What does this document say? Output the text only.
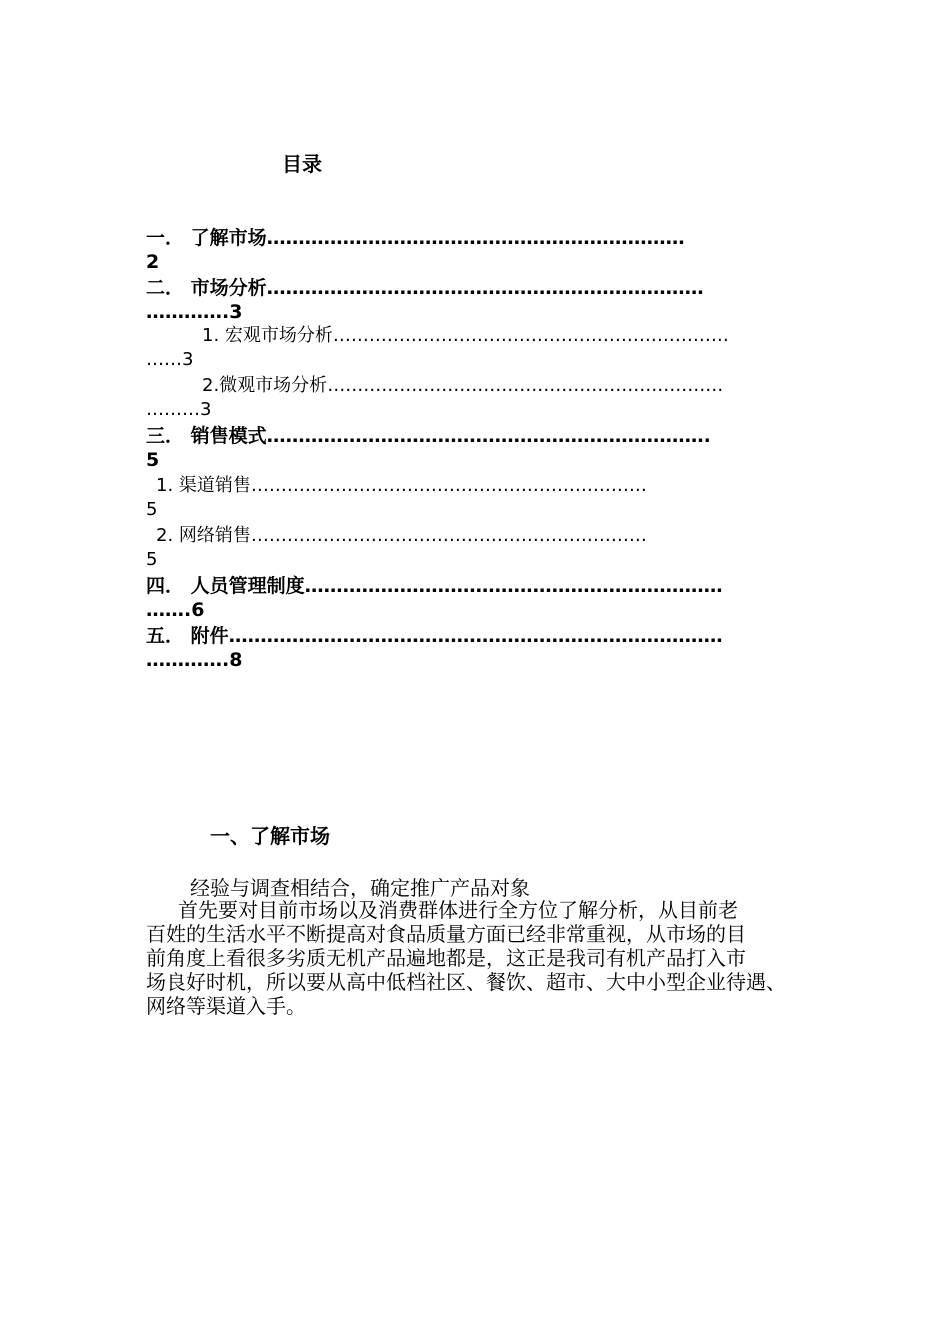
目录
一． 了解市场…………………………………………………………
2
二． 市场分析……………………………………………………………
………….3
1. 宏观市场分析…………………………………………………………
……3
2.微观市场分析…………………………………………………………
………3
三． 销售模式…………………………………………………………….
5
1. 渠道销售…………………………………………………………
5
2. 网络销售…………………………………………………………
5
四． 人员管理制度…………………………………………………………
…….6
五． 附件……………………………………………………………………
………….8
一、了解市场
经验与调查相结合，确定推广产品对象
首先要对目前市场以及消费群体进行全方位了解分析，从目前老
百姓的生活水平不断提高对食品质量方面已经非常重视，从市场的目
前角度上看很多劣质无机产品遍地都是，这正是我司有机产品打入市
场良好时机，所以要从高中低档社区、餐饮、超市、大中小型企业待遇、
网络等渠道入手。
